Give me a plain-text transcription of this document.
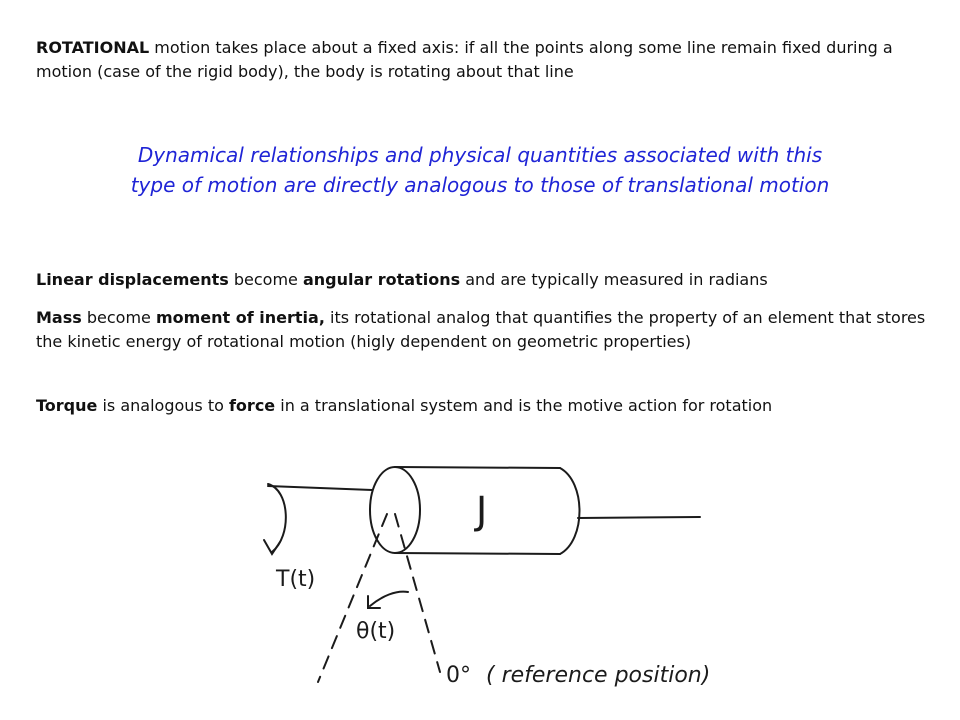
ROTATIONAL motion takes place about a fixed axis: if all the points along some line remain fixed during a motion (case of the rigid body), the body is rotating about that line

Dynamical relationships and physical quantities associated with this
type of motion are directly analogous to those of translational motion

Linear displacements become angular rotations and are typically measured in radians

Mass become moment of inertia, its rotational analog that quantifies the property of an element that stores the kinetic energy of rotational motion (higly dependent on geometric properties)

Torque is analogous to force in a translational system and is the motive action for rotation

J
T(t)
θ(t)
0° ( reference position)
